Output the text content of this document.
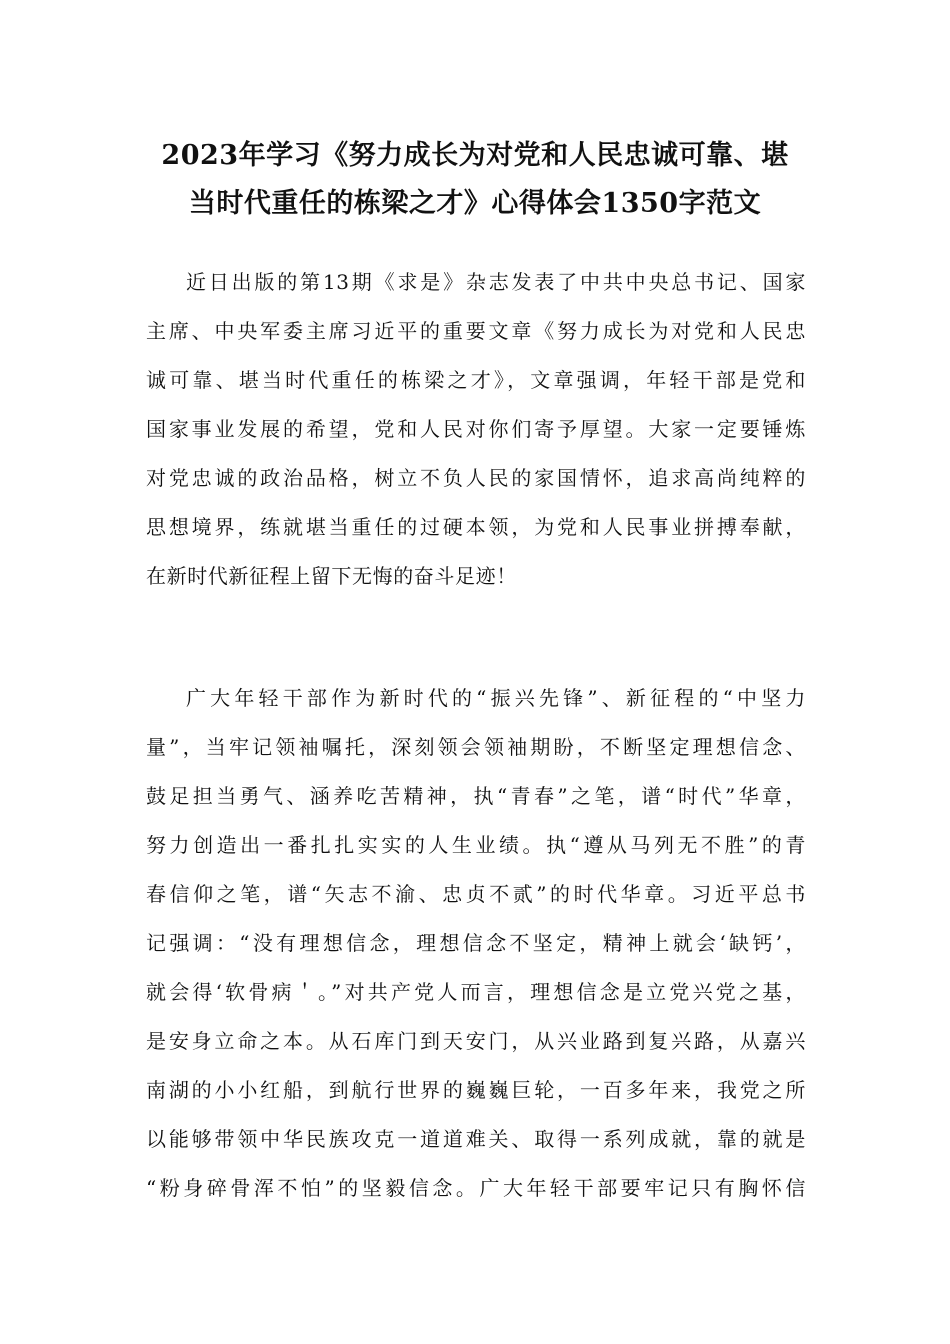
2023年学习《努力成长为对党和人民忠诚可靠、堪
当时代重任的栋梁之才》心得体会1350字范文
近日出版的第13期《求是》杂志发表了中共中央总书记、国家
主席、中央军委主席习近平的重要文章《努力成长为对党和人民忠
诚可靠、堪当时代重任的栋梁之才》，文章强调，年轻干部是党和
国家事业发展的希望，党和人民对你们寄予厚望。大家一定要锤炼
对党忠诚的政治品格，树立不负人民的家国情怀，追求高尚纯粹的
思想境界，练就堪当重任的过硬本领，为党和人民事业拼搏奉献，
在新时代新征程上留下无悔的奋斗足迹！
广大年轻干部作为新时代的“振兴先锋”、新征程的“中坚力
量”，当牢记领袖嘱托，深刻领会领袖期盼，不断坚定理想信念、
鼓足担当勇气、涵养吃苦精神，执“青春”之笔，谱“时代”华章，
努力创造出一番扎扎实实的人生业绩。执“遵从马列无不胜”的青
春信仰之笔，谱“矢志不渝、忠贞不贰”的时代华章。习近平总书
记强调：“没有理想信念，理想信念不坚定，精神上就会‘缺钙’，
就会得‘软骨病＇。”对共产党人而言，理想信念是立党兴党之基，
是安身立命之本。从石库门到天安门，从兴业路到复兴路，从嘉兴
南湖的小小红船，到航行世界的巍巍巨轮，一百多年来，我党之所
以能够带领中华民族攻克一道道难关、取得一系列成就，靠的就是
“粉身碎骨浑不怕”的坚毅信念。广大年轻干部要牢记只有胸怀信
